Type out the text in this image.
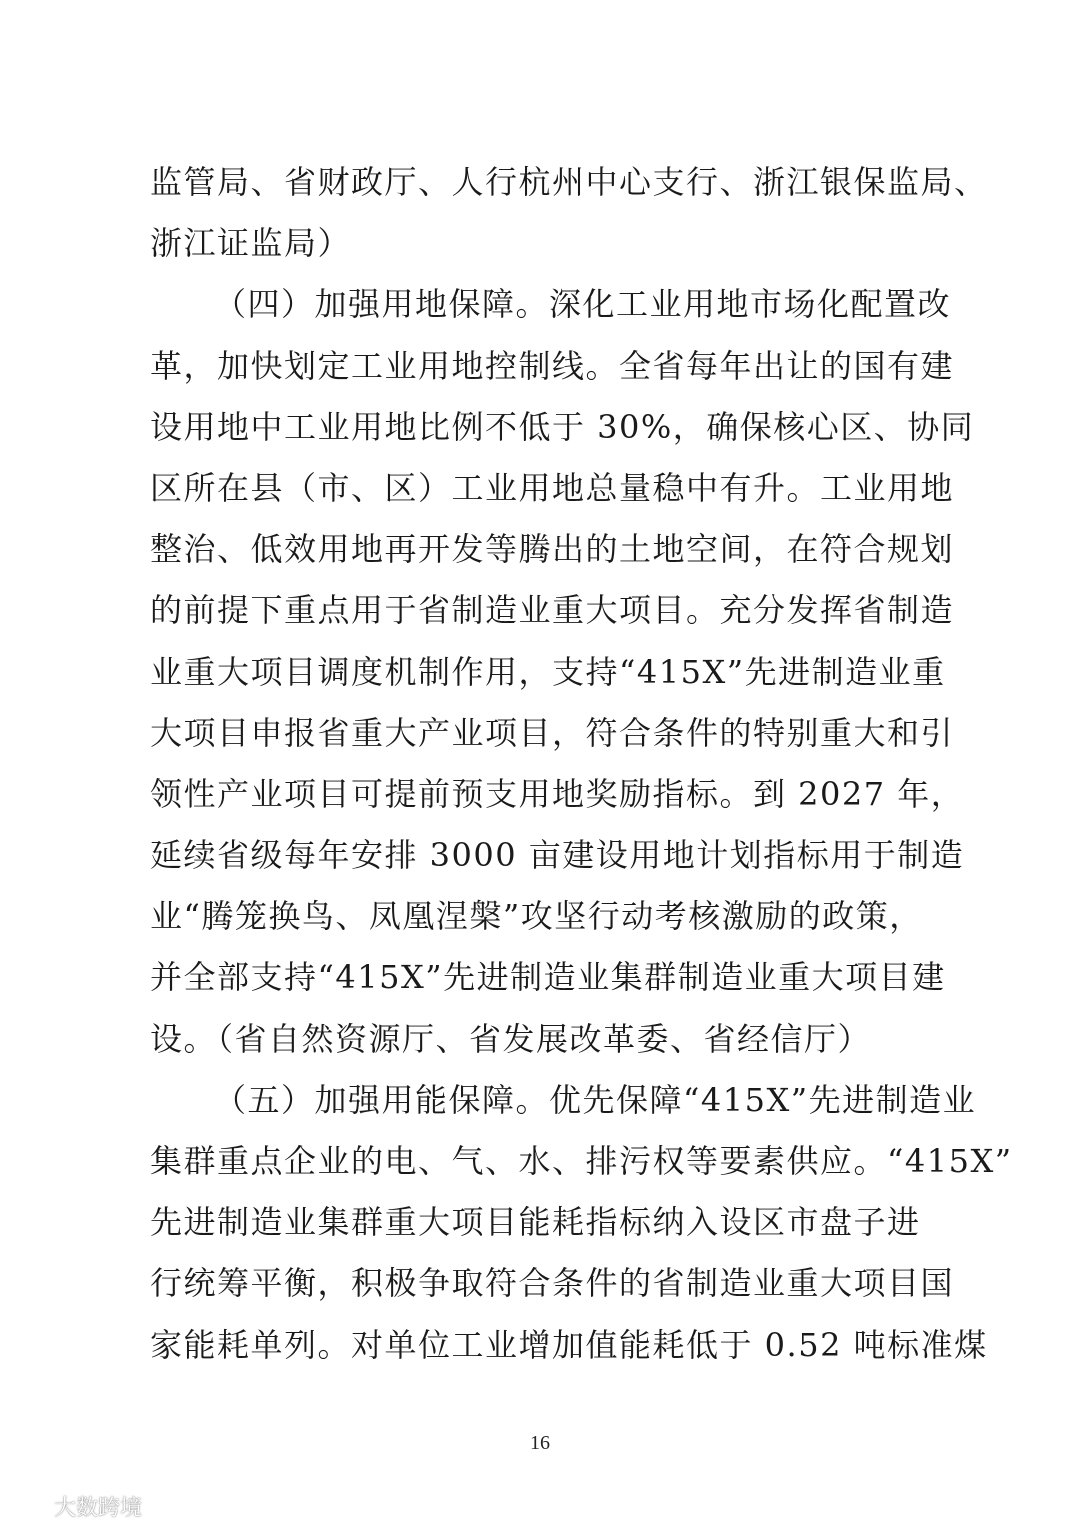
监管局、省财政厅、人行杭州中心支行、浙江银保监局、
浙江证监局）
（四）加强用地保障。深化工业用地市场化配置改
革，加快划定工业用地控制线。全省每年出让的国有建
设用地中工业用地比例不低于 30%，确保核心区、协同
区所在县（市、区）工业用地总量稳中有升。工业用地
整治、低效用地再开发等腾出的土地空间，在符合规划
的前提下重点用于省制造业重大项目。充分发挥省制造
业重大项目调度机制作用，支持“415X”先进制造业重
大项目申报省重大产业项目，符合条件的特别重大和引
领性产业项目可提前预支用地奖励指标。到 2027 年，
延续省级每年安排 3000 亩建设用地计划指标用于制造
业“腾笼换鸟、凤凰涅槃”攻坚行动考核激励的政策，
并全部支持“415X”先进制造业集群制造业重大项目建
设。（省自然资源厅、省发展改革委、省经信厅）
（五）加强用能保障。优先保障“415X”先进制造业
集群重点企业的电、气、水、排污权等要素供应。“415X”
先进制造业集群重大项目能耗指标纳入设区市盘子进
行统筹平衡，积极争取符合条件的省制造业重大项目国
家能耗单列。对单位工业增加值能耗低于 0.52 吨标准煤
16
大数跨境
